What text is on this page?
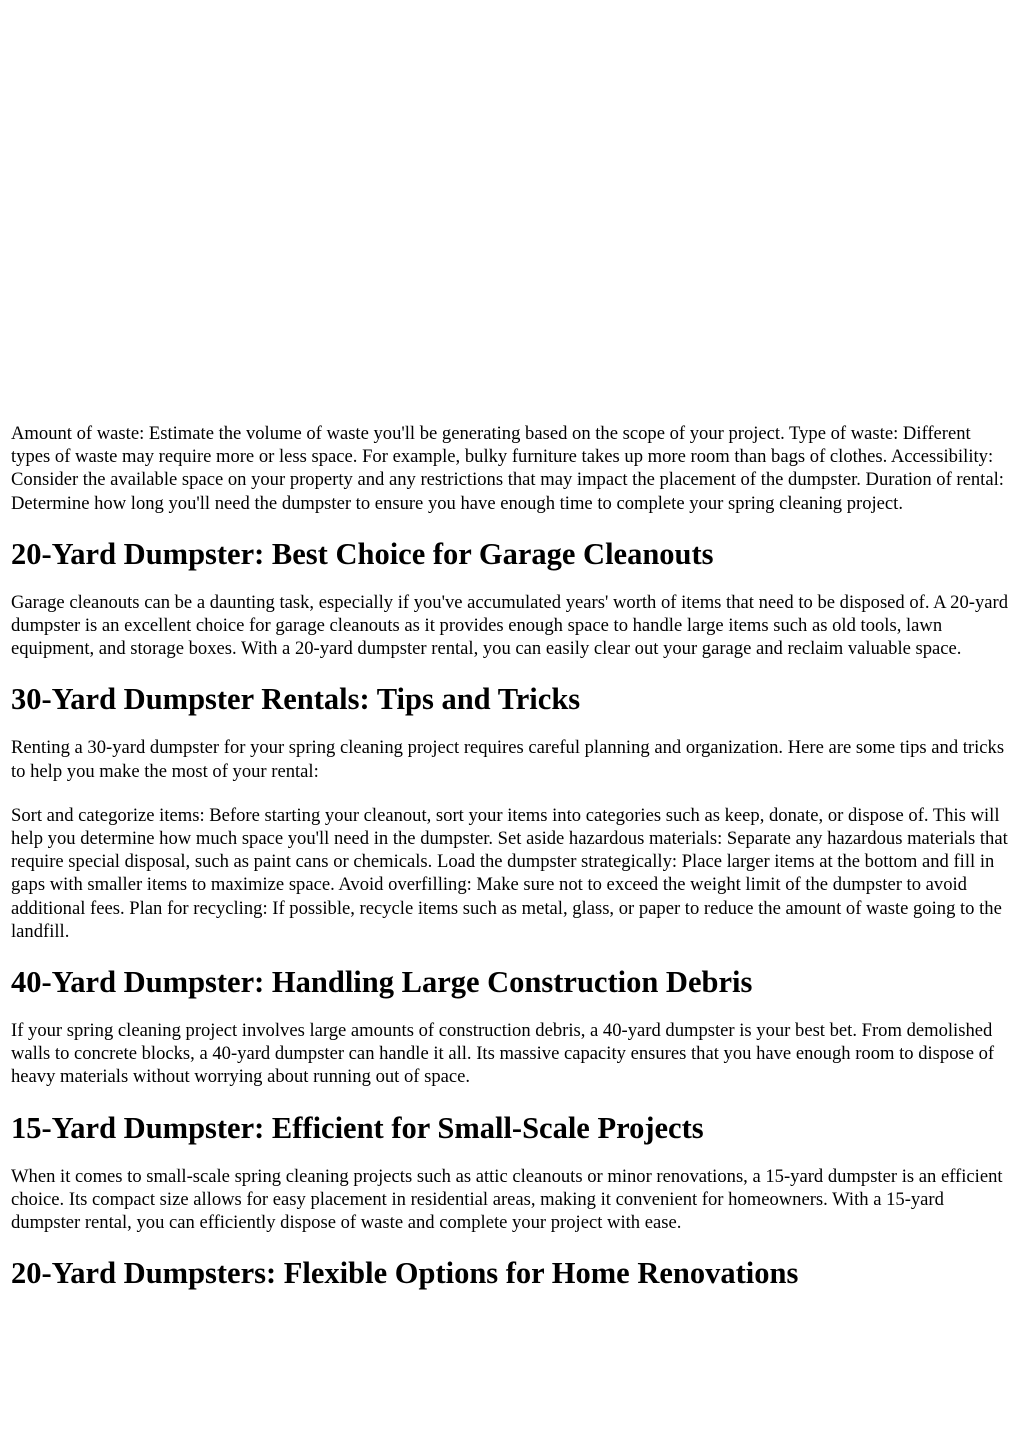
Amount of waste: Estimate the volume of waste you'll be generating based on the scope of your project. Type of waste: Different types of waste may require more or less space. For example, bulky furniture takes up more room than bags of clothes. Accessibility: Consider the available space on your property and any restrictions that may impact the placement of the dumpster. Duration of rental: Determine how long you'll need the dumpster to ensure you have enough time to complete your spring cleaning project.

20-Yard Dumpster: Best Choice for Garage Cleanouts

Garage cleanouts can be a daunting task, especially if you've accumulated years' worth of items that need to be disposed of. A 20-yard dumpster is an excellent choice for garage cleanouts as it provides enough space to handle large items such as old tools, lawn equipment, and storage boxes. With a 20-yard dumpster rental, you can easily clear out your garage and reclaim valuable space.

30-Yard Dumpster Rentals: Tips and Tricks

Renting a 30-yard dumpster for your spring cleaning project requires careful planning and organization. Here are some tips and tricks to help you make the most of your rental:

Sort and categorize items: Before starting your cleanout, sort your items into categories such as keep, donate, or dispose of. This will help you determine how much space you'll need in the dumpster. Set aside hazardous materials: Separate any hazardous materials that require special disposal, such as paint cans or chemicals. Load the dumpster strategically: Place larger items at the bottom and fill in gaps with smaller items to maximize space. Avoid overfilling: Make sure not to exceed the weight limit of the dumpster to avoid additional fees. Plan for recycling: If possible, recycle items such as metal, glass, or paper to reduce the amount of waste going to the landfill.

40-Yard Dumpster: Handling Large Construction Debris

If your spring cleaning project involves large amounts of construction debris, a 40-yard dumpster is your best bet. From demolished walls to concrete blocks, a 40-yard dumpster can handle it all. Its massive capacity ensures that you have enough room to dispose of heavy materials without worrying about running out of space.

15-Yard Dumpster: Efficient for Small-Scale Projects

When it comes to small-scale spring cleaning projects such as attic cleanouts or minor renovations, a 15-yard dumpster is an efficient choice. Its compact size allows for easy placement in residential areas, making it convenient for homeowners. With a 15-yard dumpster rental, you can efficiently dispose of waste and complete your project with ease.

20-Yard Dumpsters: Flexible Options for Home Renovations
